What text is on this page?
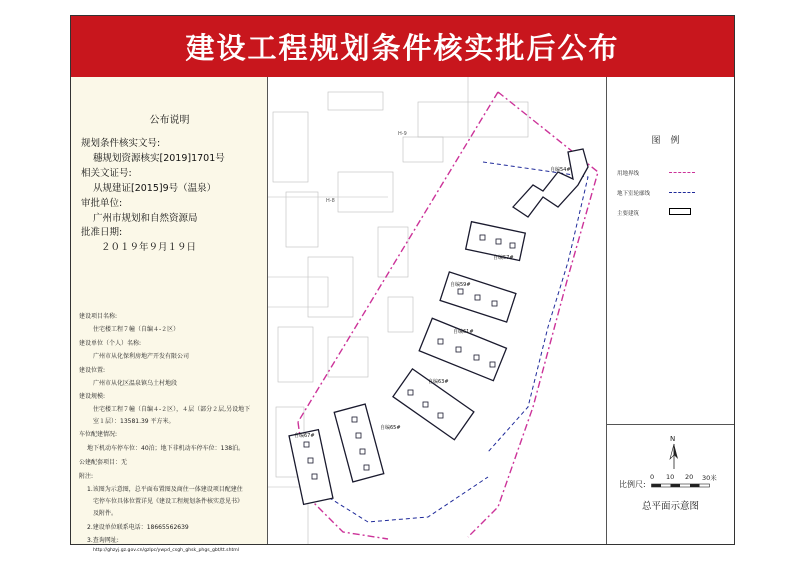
建设工程规划条件核实批后公布
公布说明
规划条件核实文号:
穗规划资源核实[2019]1701号
相关文证号:
从规建证[2015]9号（温泉）
审批单位:
广州市规划和自然资源局
批准日期:
２０１９年９月１９日
建设项目名称:
住宅楼工程７幢（自编４-２区）
建设单位（个人）名称:
广州市从化保利房地产开发有限公司
建设位置:
广州市从化区温泉镇乌土村地段
建设规模:
住宅楼工程７幢（自编４-２区），４层（部分２层,另设地下
室１层）：13581.39 平方米。
车位配建情况:
地下机动车停车位：40泊；地下非机动车停车位：138泊。
公建配套项目：无
附注:
1.该图为示意图，总平面布置图及商住一体建设项目配建住
宅停车位具体位置详见《建设工程规划条件核实意见书》
及附件。
2.建设单位联系电话：18665562639
3.查询网址:
http://ghzyj.gz.gov.cn/gzlpc/ywpd_csgh_ghsk_phgs_gbt/tt.shtml
H-9
H-8
自编54#
自编57#
自编59#
自编61#
自编63#
自编65#
自编67#
图例
用地界线
地下室轮廓线
主要建筑
N
比例尺:
0 10 20 30米
总平面示意图
